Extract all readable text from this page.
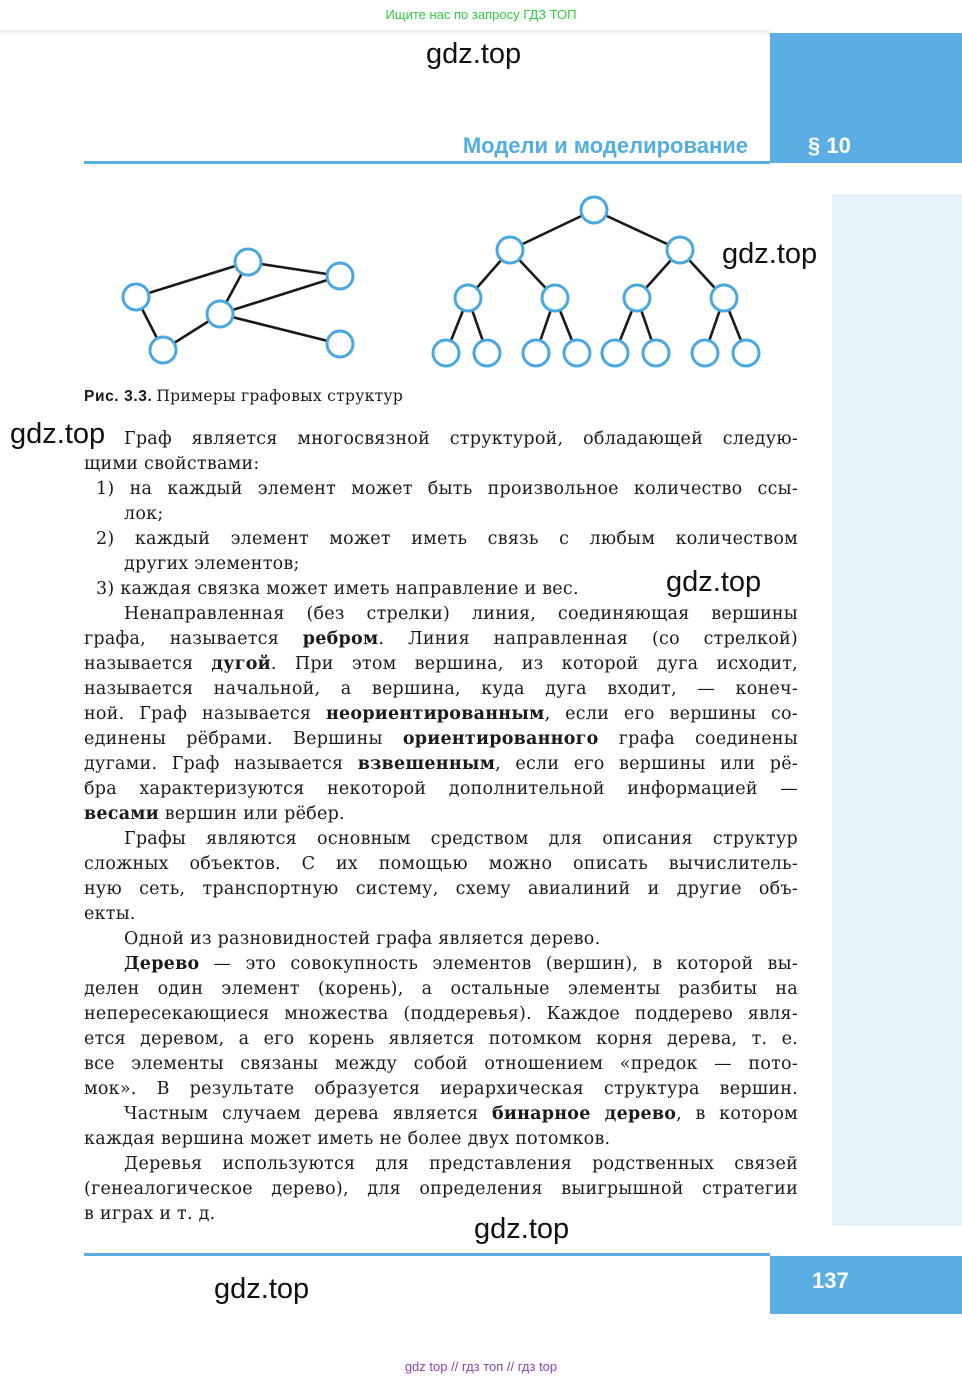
Ищите нас по запросу ГДЗ ТОП
gdz.top
Модели и моделирование	§ 10
gdz.top
Рис. 3.3. Примеры графовых структур
gdz.top Граф является многосвязной структурой, обладающей следую-
щими свойствами:
1) на каждый элемент может быть произвольное количество ссы-
лок;
2) каждый элемент может иметь связь с любым количеством
других элементов;
3) каждая связка может иметь направление и вес.
Ненаправленная (без стрелки) линия, соединяющая вершины
графа, называется ребром. Линия направленная (со стрелкой)
называется дугой. При этом вершина, из которой дуга исходит,
называется начальной, а вершина, куда дуга входит, — конеч-
ной. Граф называется неориентированным, если его вершины со-
единены рёбрами. Вершины ориентированного графа соединены
дугами. Граф называется взвешенным, если его вершины или рё-
бра характеризуются некоторой дополнительной информацией —
весами вершин или рёбер.
Графы являются основным средством для описания структур
сложных объектов. С их помощью можно описать вычислитель-
ную сеть, транспортную систему, схему авиалиний и другие объ-
екты.
Одной из разновидностей графа является дерево.
Дерево — это совокупность элементов (вершин), в которой вы-
делен один элемент (корень), а остальные элементы разбиты на
непересекающиеся множества (поддеревья). Каждое поддерево явля-
ется деревом, а его корень является потомком корня дерева, т. е.
все элементы связаны между собой отношением «предок — пото-
мок». В результате образуется иерархическая структура вершин.
Частным случаем дерева является бинарное дерево, в котором
каждая вершина может иметь не более двух потомков.
Деревья используются для представления родственных связей
(генеалогическое дерево), для определения выигрышной стратегии
в играх и т. д.
gdz.top
gdz.top
137
gdz.top
gdz top // гдз топ // гдз top
